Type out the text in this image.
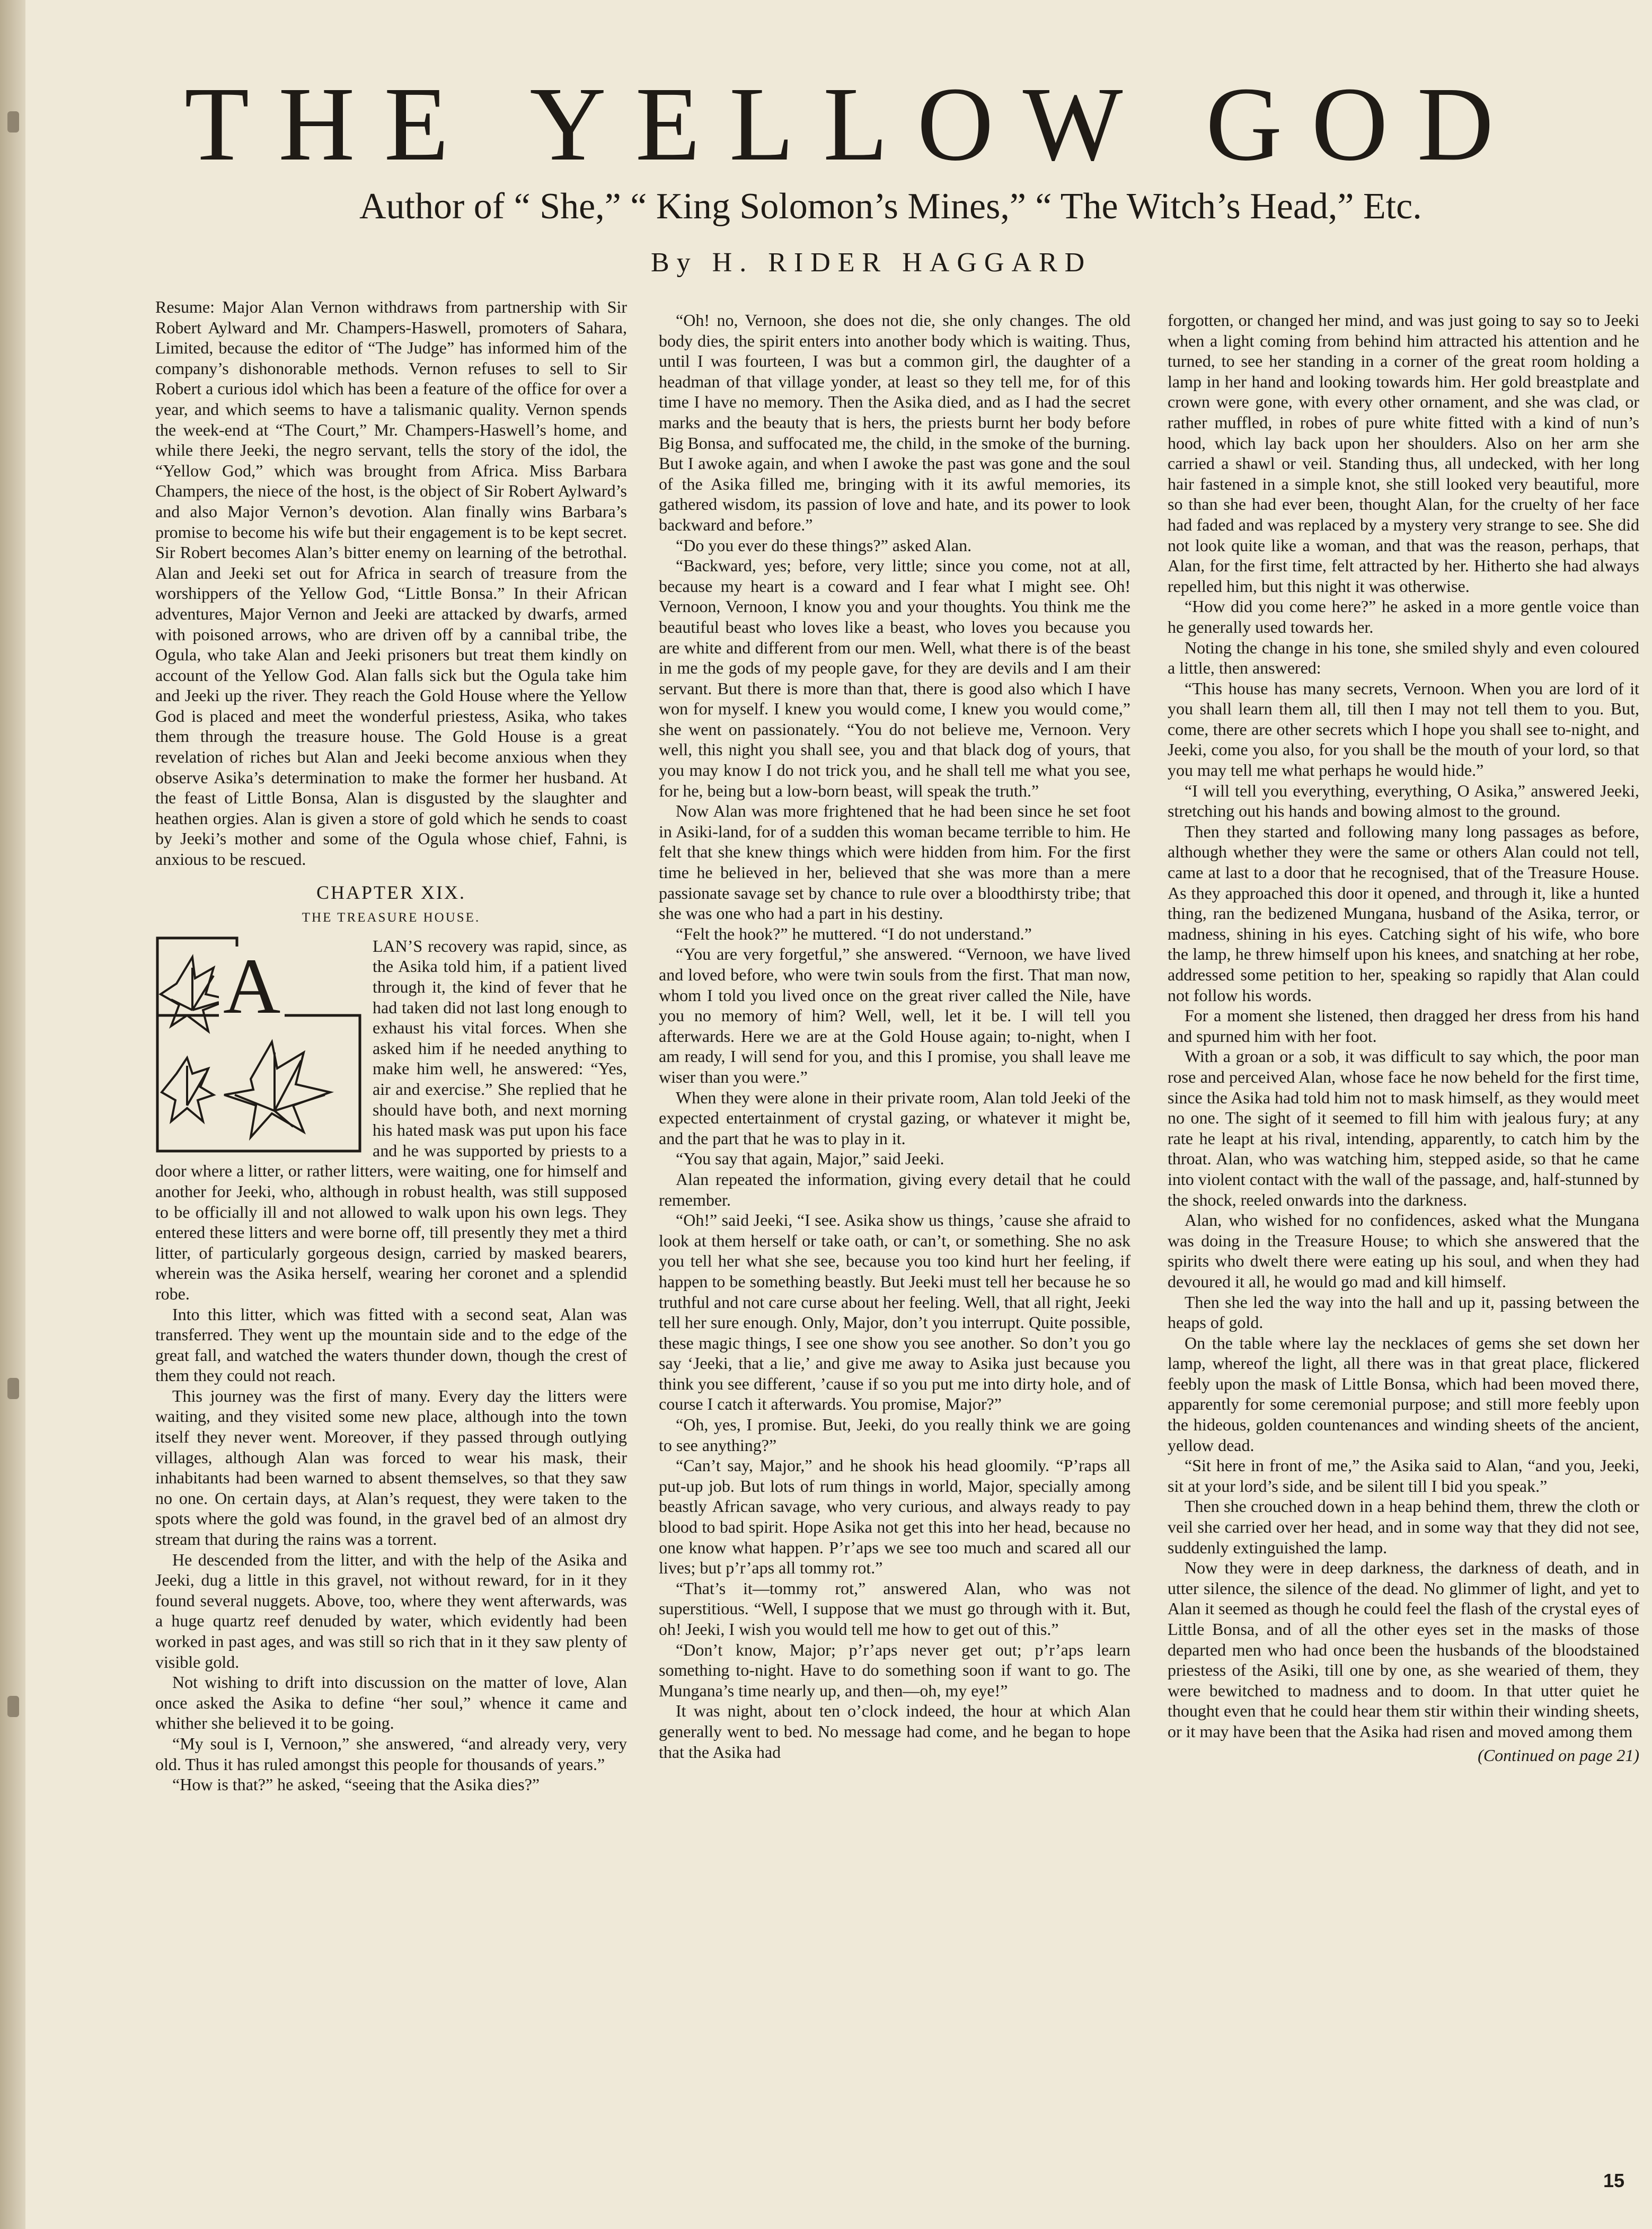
THE YELLOW GOD
Author of “ She,” “ King Solomon’s Mines,” “ The Witch’s Head,” Etc.
By H. RIDER HAGGARD

Resume: Major Alan Vernon withdraws from partnership with Sir Robert Aylward and Mr. Champers-Haswell, promoters of Sahara, Limited, because the editor of “The Judge” has informed him of the company’s dishonorable methods. Vernon refuses to sell to Sir Robert a curious idol which has been a feature of the office for over a year, and which seems to have a talismanic quality. Vernon spends the week-end at “The Court,” Mr. Champers-Haswell’s home, and while there Jeeki, the negro servant, tells the story of the idol, the “Yellow God,” which was brought from Africa. Miss Barbara Champers, the niece of the host, is the object of Sir Robert Aylward’s and also Major Vernon’s devotion. Alan finally wins Barbara’s promise to become his wife but their engagement is to be kept secret. Sir Robert becomes Alan’s bitter enemy on learning of the betrothal. Alan and Jeeki set out for Africa in search of treasure from the worshippers of the Yellow God, “Little Bonsa.” In their African adventures, Major Vernon and Jeeki are attacked by dwarfs, armed with poisoned arrows, who are driven off by a cannibal tribe, the Ogula, who take Alan and Jeeki prisoners but treat them kindly on account of the Yellow God. Alan falls sick but the Ogula take him and Jeeki up the river. They reach the Gold House where the Yellow God is placed and meet the wonderful priestess, Asika, who takes them through the treasure house. The Gold House is a great revelation of riches but Alan and Jeeki become anxious when they observe Asika’s determination to make the former her husband. At the feast of Little Bonsa, Alan is disgusted by the slaughter and heathen orgies. Alan is given a store of gold which he sends to coast by Jeeki’s mother and some of the Ogula whose chief, Fahni, is anxious to be rescued.

CHAPTER XIX.
THE TREASURE HOUSE.
A	LAN’S recovery was rapid, since, as the Asika told him, if a patient lived through it, the kind of fever that he had taken did not last long enough to exhaust his vital forces. When she asked him if he needed anything to make him well, he answered: “Yes, air and exercise.” She replied that he should have both, and next morning his hated mask was put upon his face and he was supported by priests to a door where a litter, or rather litters, were waiting, one for himself and another for Jeeki, who, although in robust health, was still supposed to be officially ill and not allowed to walk upon his own legs. They entered these litters and were borne off, till presently they met a third litter, of particularly gorgeous design, carried by masked bearers, wherein was the Asika herself, wearing her coronet and a splendid robe.

Into this litter, which was fitted with a second seat, Alan was transferred. They went up the mountain side and to the edge of the great fall, and watched the waters thunder down, though the crest of them they could not reach.

This journey was the first of many. Every day the litters were waiting, and they visited some new place, although into the town itself they never went. Moreover, if they passed through outlying villages, although Alan was forced to wear his mask, their inhabitants had been warned to absent themselves, so that they saw no one. On certain days, at Alan’s request, they were taken to the spots where the gold was found, in the gravel bed of an almost dry stream that during the rains was a torrent.

He descended from the litter, and with the help of the Asika and Jeeki, dug a little in this gravel, not without reward, for in it they found several nuggets. Above, too, where they went afterwards, was a huge quartz reef denuded by water, which evidently had been worked in past ages, and was still so rich that in it they saw plenty of visible gold.

Not wishing to drift into discussion on the matter of love, Alan once asked the Asika to define “her soul,” whence it came and whither she believed it to be going.

“My soul is I, Vernoon,” she answered, “and already very, very old. Thus it has ruled amongst this people for thousands of years.”

“How is that?” he asked, “seeing that the Asika dies?”

“Oh! no, Vernoon, she does not die, she only changes. The old body dies, the spirit enters into another body which is waiting. Thus, until I was fourteen, I was but a common girl, the daughter of a headman of that village yonder, at least so they tell me, for of this time I have no memory. Then the Asika died, and as I had the secret marks and the beauty that is hers, the priests burnt her body before Big Bonsa, and suffocated me, the child, in the smoke of the burning. But I awoke again, and when I awoke the past was gone and the soul of the Asika filled me, bringing with it its awful memories, its gathered wisdom, its passion of love and hate, and its power to look backward and before.”

“Do you ever do these things?” asked Alan.

“Backward, yes; before, very little; since you come, not at all, because my heart is a coward and I fear what I might see. Oh! Vernoon, Vernoon, I know you and your thoughts. You think me the beautiful beast who loves like a beast, who loves you because you are white and different from our men. Well, what there is of the beast in me the gods of my people gave, for they are devils and I am their servant. But there is more than that, there is good also which I have won for myself. I knew you would come, I knew you would come,” she went on passionately. “You do not believe me, Vernoon. Very well, this night you shall see, you and that black dog of yours, that you may know I do not trick you, and he shall tell me what you see, for he, being but a low-born beast, will speak the truth.”

Now Alan was more frightened that he had been since he set foot in Asiki-land, for of a sudden this woman became terrible to him. He felt that she knew things which were hidden from him. For the first time he believed in her, believed that she was more than a mere passionate savage set by chance to rule over a bloodthirsty tribe; that she was one who had a part in his destiny.

“Felt the hook?” he muttered. “I do not understand.”

“You are very forgetful,” she answered. “Vernoon, we have lived and loved before, who were twin souls from the first. That man now, whom I told you lived once on the great river called the Nile, have you no memory of him? Well, well, let it be. I will tell you afterwards. Here we are at the Gold House again; to-night, when I am ready, I will send for you, and this I promise, you shall leave me wiser than you were.”

When they were alone in their private room, Alan told Jeeki of the expected entertainment of crystal gazing, or whatever it might be, and the part that he was to play in it.

“You say that again, Major,” said Jeeki.

Alan repeated the information, giving every detail that he could remember.

“Oh!” said Jeeki, “I see. Asika show us things, ’cause she afraid to look at them herself or take oath, or can’t, or something. She no ask you tell her what she see, because you too kind hurt her feeling, if happen to be something beastly. But Jeeki must tell her because he so truthful and not care curse about her feeling. Well, that all right, Jeeki tell her sure enough. Only, Major, don’t you interrupt. Quite possible, these magic things, I see one show you see another. So don’t you go say ‘Jeeki, that a lie,’ and give me away to Asika just because you think you see different, ’cause if so you put me into dirty hole, and of course I catch it afterwards. You promise, Major?”

“Oh, yes, I promise. But, Jeeki, do you really think we are going to see anything?”

“Can’t say, Major,” and he shook his head gloomily. “P’raps all put-up job. But lots of rum things in world, Major, specially among beastly African savage, who very curious, and always ready to pay blood to bad spirit. Hope Asika not get this into her head, because no one know what happen. P’r’aps we see too much and scared all our lives; but p’r’aps all tommy rot.”

“That’s it—tommy rot,” answered Alan, who was not superstitious. “Well, I suppose that we must go through with it. But, oh! Jeeki, I wish you would tell me how to get out of this.”

“Don’t know, Major; p’r’aps never get out; p’r’aps learn something to-night. Have to do something soon if want to go. The Mungana’s time nearly up, and then—oh, my eye!”

It was night, about ten o’clock indeed, the hour at which Alan generally went to bed. No message had come, and he began to hope that the Asika had

forgotten, or changed her mind, and was just going to say so to Jeeki when a light coming from behind him attracted his attention and he turned, to see her standing in a corner of the great room holding a lamp in her hand and looking towards him. Her gold breastplate and crown were gone, with every other ornament, and she was clad, or rather muffled, in robes of pure white fitted with a kind of nun’s hood, which lay back upon her shoulders. Also on her arm she carried a shawl or veil. Standing thus, all undecked, with her long hair fastened in a simple knot, she still looked very beautiful, more so than she had ever been, thought Alan, for the cruelty of her face had faded and was replaced by a mystery very strange to see. She did not look quite like a woman, and that was the reason, perhaps, that Alan, for the first time, felt attracted by her. Hitherto she had always repelled him, but this night it was otherwise.

“How did you come here?” he asked in a more gentle voice than he generally used towards her.

Noting the change in his tone, she smiled shyly and even coloured a little, then answered:

“This house has many secrets, Vernoon. When you are lord of it you shall learn them all, till then I may not tell them to you. But, come, there are other secrets which I hope you shall see to-night, and Jeeki, come you also, for you shall be the mouth of your lord, so that you may tell me what perhaps he would hide.”

“I will tell you everything, everything, O Asika,” answered Jeeki, stretching out his hands and bowing almost to the ground.

Then they started and following many long passages as before, although whether they were the same or others Alan could not tell, came at last to a door that he recognised, that of the Treasure House. As they approached this door it opened, and through it, like a hunted thing, ran the bedizened Mungana, husband of the Asika, terror, or madness, shining in his eyes. Catching sight of his wife, who bore the lamp, he threw himself upon his knees, and snatching at her robe, addressed some petition to her, speaking so rapidly that Alan could not follow his words.

For a moment she listened, then dragged her dress from his hand and spurned him with her foot.

With a groan or a sob, it was difficult to say which, the poor man rose and perceived Alan, whose face he now beheld for the first time, since the Asika had told him not to mask himself, as they would meet no one. The sight of it seemed to fill him with jealous fury; at any rate he leapt at his rival, intending, apparently, to catch him by the throat. Alan, who was watching him, stepped aside, so that he came into violent contact with the wall of the passage, and, half-stunned by the shock, reeled onwards into the darkness.

Alan, who wished for no confidences, asked what the Mungana was doing in the Treasure House; to which she answered that the spirits who dwelt there were eating up his soul, and when they had devoured it all, he would go mad and kill himself.

Then she led the way into the hall and up it, passing between the heaps of gold.

On the table where lay the necklaces of gems she set down her lamp, whereof the light, all there was in that great place, flickered feebly upon the mask of Little Bonsa, which had been moved there, apparently for some ceremonial purpose; and still more feebly upon the hideous, golden countenances and winding sheets of the ancient, yellow dead.

“Sit here in front of me,” the Asika said to Alan, “and you, Jeeki, sit at your lord’s side, and be silent till I bid you speak.”

Then she crouched down in a heap behind them, threw the cloth or veil she carried over her head, and in some way that they did not see, suddenly extinguished the lamp.

Now they were in deep darkness, the darkness of death, and in utter silence, the silence of the dead. No glimmer of light, and yet to Alan it seemed as though he could feel the flash of the crystal eyes of Little Bonsa, and of all the other eyes set in the masks of those departed men who had once been the husbands of the bloodstained priestess of the Asiki, till one by one, as she wearied of them, they were bewitched to madness and to doom. In that utter quiet he thought even that he could hear them stir within their winding sheets, or it may have been that the Asika had risen and moved among them

(Continued on page 21)
15
